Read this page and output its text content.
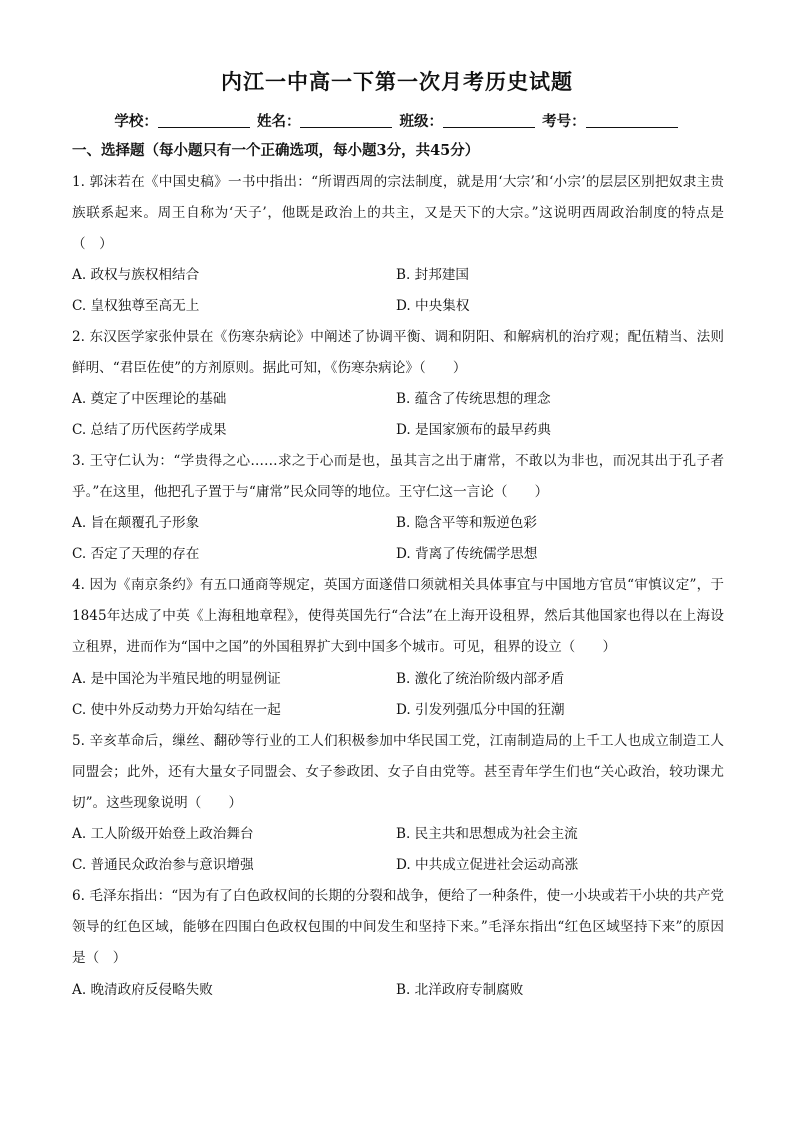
内江一中高一下第一次月考历史试题
学校：	姓名：	班级：	考号：
一、选择题（每小题只有一个正确选项，每小题3分，共45分）
1. 郭沫若在《中国史稿》一书中指出：“所谓西周的宗法制度，就是用‘大宗’和‘小宗’的层层区别把奴隶主贵族联系起来。周王自称为‘天子’，他既是政治上的共主，又是天下的大宗。”这说明西周政治制度的特点是（　）
A. 政权与族权相结合	B. 封邦建国
C. 皇权独尊至高无上	D. 中央集权
2. 东汉医学家张仲景在《伤寒杂病论》中阐述了协调平衡、调和阴阳、和解病机的治疗观；配伍精当、法则鲜明、“君臣佐使”的方剂原则。据此可知，《伤寒杂病论》（　　）
A. 奠定了中医理论的基础	B. 蕴含了传统思想的理念
C. 总结了历代医药学成果	D. 是国家颁布的最早药典
3. 王守仁认为：“学贵得之心……求之于心而是也，虽其言之出于庸常，不敢以为非也，而况其出于孔子者乎。”在这里，他把孔子置于与“庸常”民众同等的地位。王守仁这一言论（　　）
A. 旨在颠覆孔子形象	B. 隐含平等和叛逆色彩
C. 否定了天理的存在	D. 背离了传统儒学思想
4. 因为《南京条约》有五口通商等规定，英国方面遂借口须就相关具体事宜与中国地方官员“审慎议定”，于1845年达成了中英《上海租地章程》，使得英国先行“合法”在上海开设租界，然后其他国家也得以在上海设立租界，进而作为“国中之国”的外国租界扩大到中国多个城市。可见，租界的设立（　　）
A. 是中国沦为半殖民地的明显例证	B. 激化了统治阶级内部矛盾
C. 使中外反动势力开始勾结在一起	D. 引发列强瓜分中国的狂潮
5. 辛亥革命后，缫丝、翻砂等行业的工人们积极参加中华民国工党，江南制造局的上千工人也成立制造工人同盟会；此外，还有大量女子同盟会、女子参政团、女子自由党等。甚至青年学生们也“关心政治，较功课尤切”。这些现象说明（　　）
A. 工人阶级开始登上政治舞台	B. 民主共和思想成为社会主流
C. 普通民众政治参与意识增强	D. 中共成立促进社会运动高涨
6. 毛泽东指出：“因为有了白色政权间的长期的分裂和战争，便给了一种条件，使一小块或若干小块的共产党领导的红色区域，能够在四围白色政权包围的中间发生和坚持下来。”毛泽东指出“红色区域坚持下来”的原因是（　）
A. 晚清政府反侵略失败	B. 北洋政府专制腐败
